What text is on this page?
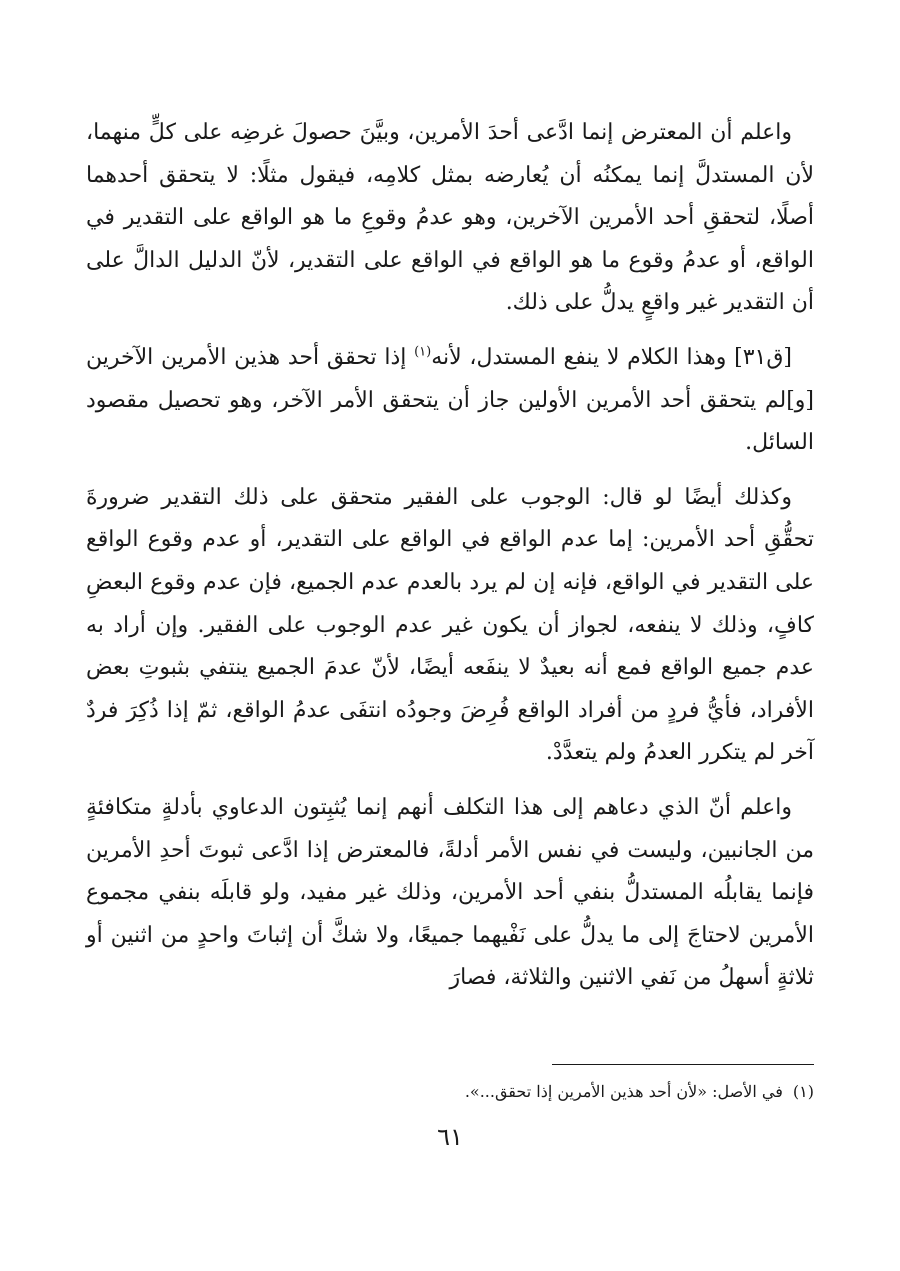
واعلم أن المعترض إنما ادَّعى أحدَ الأمرين، وبيَّنَ حصولَ غرضِه على كلٍّ منهما، لأن المستدلَّ إنما يمكنُه أن يُعارضه بمثل كلامِه، فيقول مثلًا: لا يتحقق أحدهما أصلًا، لتحققِ أحد الأمرين الآخرين، وهو عدمُ وقوعِ ما هو الواقع على التقدير في الواقع، أو عدمُ وقوع ما هو الواقع في الواقع على التقدير، لأنّ الدليل الدالَّ على أن التقدير غير واقعٍ يدلُّ على ذلك.

[ق٣١] وهذا الكلام لا ينفع المستدل، لأنه$^{(١)}$ إذا تحقق أحد هذين الأمرين الآخرين [و]لم يتحقق أحد الأمرين الأولين جاز أن يتحقق الأمر الآخر، وهو تحصيل مقصود السائل.

وكذلك أيضًا لو قال: الوجوب على الفقير متحقق على ذلك التقدير ضرورةَ تحقُّقِ أحد الأمرين: إما عدم الواقع في الواقع على التقدير، أو عدم وقوع الواقع على التقدير في الواقع، فإنه إن لم يرد بالعدم عدم الجميع، فإن عدم وقوع البعضِ كافٍ، وذلك لا ينفعه، لجواز أن يكون غير عدم الوجوب على الفقير. وإن أراد به عدم جميع الواقع فمع أنه بعيدٌ لا ينفَعه أيضًا، لأنّ عدمَ الجميع ينتفي بثبوتِ بعض الأفراد، فأيُّ فردٍ من أفراد الواقع فُرِضَ وجودُه انتفَى عدمُ الواقع، ثمّ إذا ذُكِرَ فردٌ آخر لم يتكرر العدمُ ولم يتعدَّدْ.

واعلم أنّ الذي دعاهم إلى هذا التكلف أنهم إنما يُثبِتون الدعاوي بأدلةٍ متكافئةٍ من الجانبين، وليست في نفس الأمر أدلةً، فالمعترض إذا ادَّعى ثبوتَ أحدِ الأمرين فإنما يقابلُه المستدلُّ بنفي أحد الأمرين، وذلك غير مفيد، ولو قابلَه بنفي مجموع الأمرين لاحتاجَ إلى ما يدلُّ على نَفْيهما جميعًا، ولا شكَّ أن إثباتَ واحدٍ من اثنين أو ثلاثةٍ أسهلُ من نَفي الاثنين والثلاثة، فصارَ

(١)في الأصل: «لأن أحد هذين الأمرين إذا تحقق...».
٦١
